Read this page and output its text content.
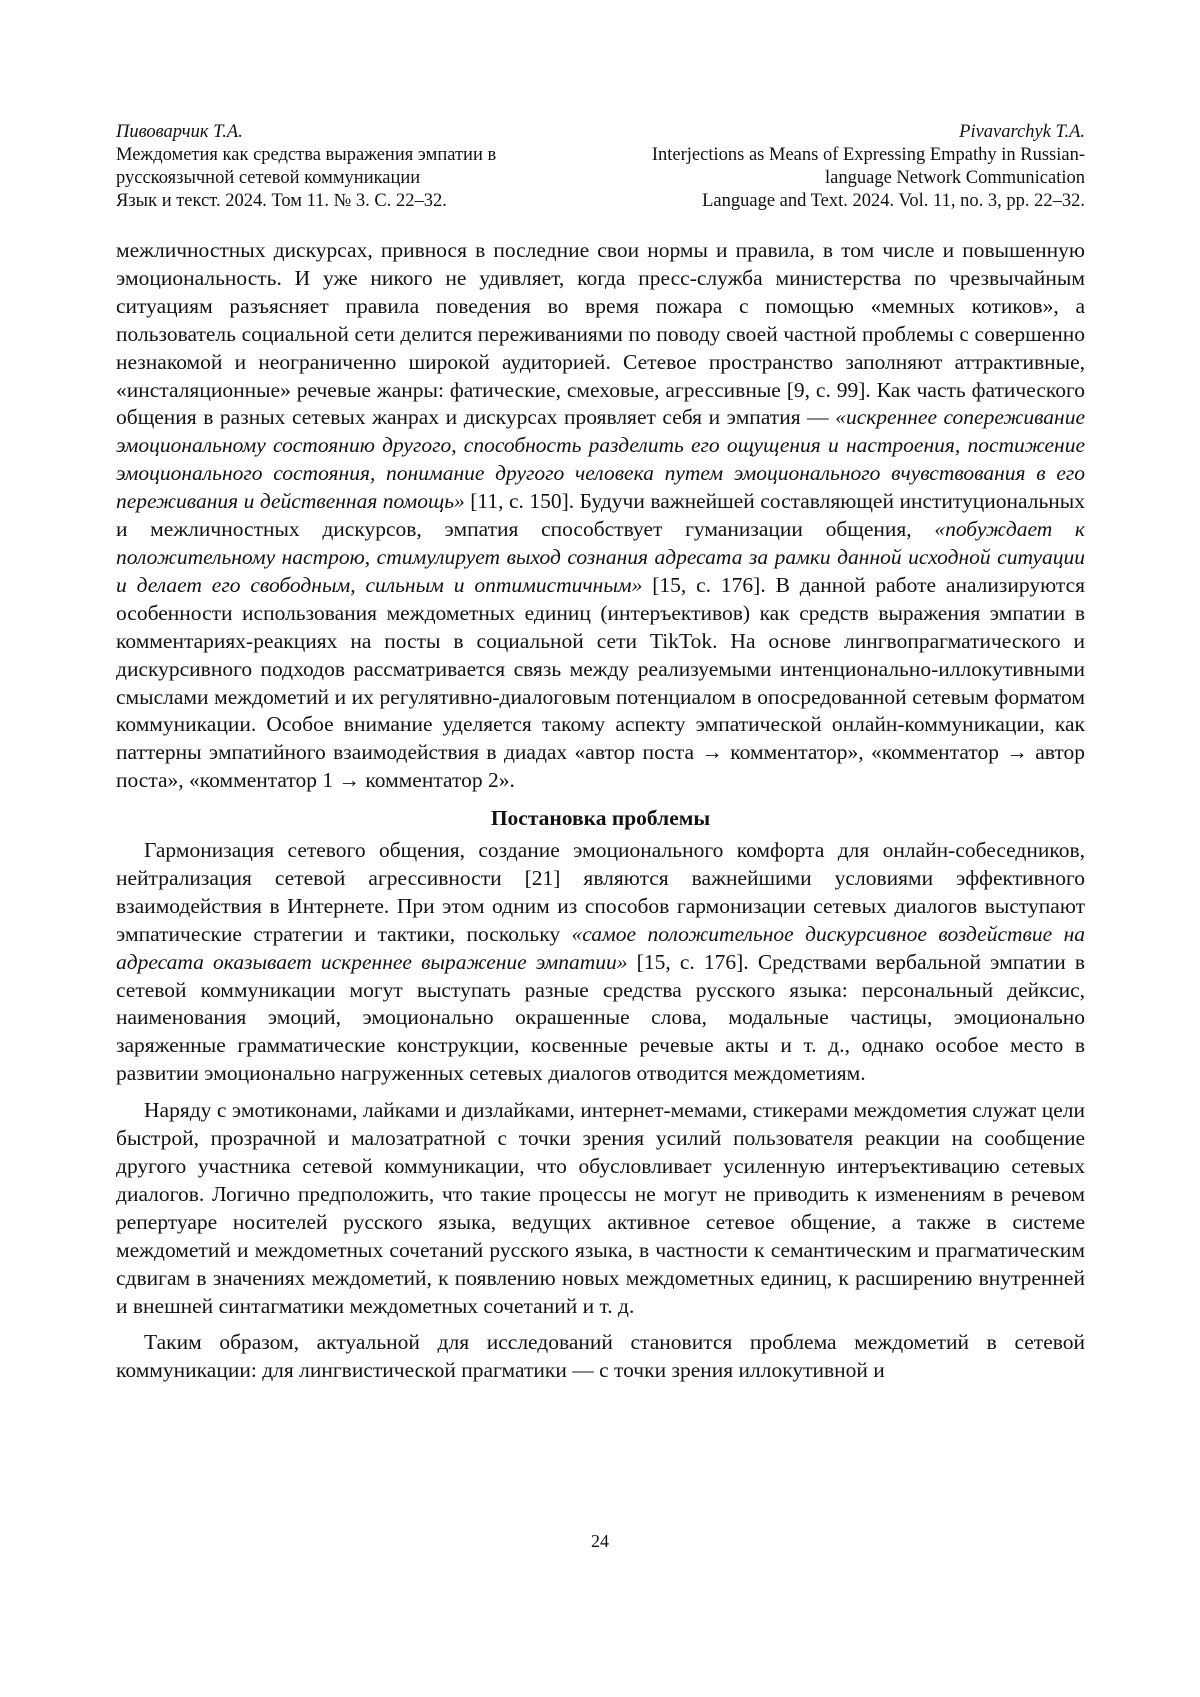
Пивоварчик Т.А.
Междометия как средства выражения эмпатии в
русскоязычной сетевой коммуникации
Язык и текст. 2024. Том 11. № 3. С. 22–32.
Pivavarchyk T.A.
Interjections as Means of Expressing Empathy in Russian-
language Network Communication
Language and Text. 2024. Vol. 11, no. 3, pp. 22–32.

межличностных дискурсах, привнося в последние свои нормы и правила, в том числе и повышенную эмоциональность. И уже никого не удивляет, когда пресс-служба министерства по чрезвычайным ситуациям разъясняет правила поведения во время пожара с помощью «мемных котиков», а пользователь социальной сети делится переживаниями по поводу своей частной проблемы с совершенно незнакомой и неограниченно широкой аудиторией. Сетевое пространство заполняют аттрактивные, «инсталяционные» речевые жанры: фатические, смеховые, агрессивные [9, с. 99]. Как часть фатического общения в разных сетевых жанрах и дискурсах проявляет себя и эмпатия — «искреннее сопереживание эмоциональному состоянию другого, способность разделить его ощущения и настроения, постижение эмоционального состояния, понимание другого человека путем эмоционального вчувствования в его переживания и действенная помощь» [11, с. 150]. Будучи важнейшей составляющей институциональных и межличностных дискурсов, эмпатия способствует гуманизации общения, «побуждает к положительному настрою, стимулирует выход сознания адресата за рамки данной исходной ситуации и делает его свободным, сильным и оптимистичным» [15, с. 176]. В данной работе анализируются особенности использования междометных единиц (интеръективов) как средств выражения эмпатии в комментариях-реакциях на посты в социальной сети TikTok. На основе лингвопрагматического и дискурсивного подходов рассматривается связь между реализуемыми интенционально-иллокутивными смыслами междометий и их регулятивно-диалоговым потенциалом в опосредованной сетевым форматом коммуникации. Особое внимание уделяется такому аспекту эмпатической онлайн-коммуникации, как паттерны эмпатийного взаимодействия в диадах «автор поста → комментатор», «комментатор → автор поста», «комментатор 1 → комментатор 2».

Постановка проблемы

Гармонизация сетевого общения, создание эмоционального комфорта для онлайн-собеседников, нейтрализация сетевой агрессивности [21] являются важнейшими условиями эффективного взаимодействия в Интернете. При этом одним из способов гармонизации сетевых диалогов выступают эмпатические стратегии и тактики, поскольку «самое положительное дискурсивное воздействие на адресата оказывает искреннее выражение эмпатии» [15, с. 176]. Средствами вербальной эмпатии в сетевой коммуникации могут выступать разные средства русского языка: персональный дейксис, наименования эмоций, эмоционально окрашенные слова, модальные частицы, эмоционально заряженные грамматические конструкции, косвенные речевые акты и т. д., однако особое место в развитии эмоционально нагруженных сетевых диалогов отводится междометиям.

Наряду с эмотиконами, лайками и дизлайками, интернет-мемами, стикерами междометия служат цели быстрой, прозрачной и малозатратной с точки зрения усилий пользователя реакции на сообщение другого участника сетевой коммуникации, что обусловливает усиленную интеръективацию сетевых диалогов. Логично предположить, что такие процессы не могут не приводить к изменениям в речевом репертуаре носителей русского языка, ведущих активное сетевое общение, а также в системе междометий и междометных сочетаний русского языка, в частности к семантическим и прагматическим сдвигам в значениях междометий, к появлению новых междометных единиц, к расширению внутренней и внешней синтагматики междометных сочетаний и т. д.

Таким образом, актуальной для исследований становится проблема междометий в сетевой коммуникации: для лингвистической прагматики — с точки зрения иллокутивной и

24
